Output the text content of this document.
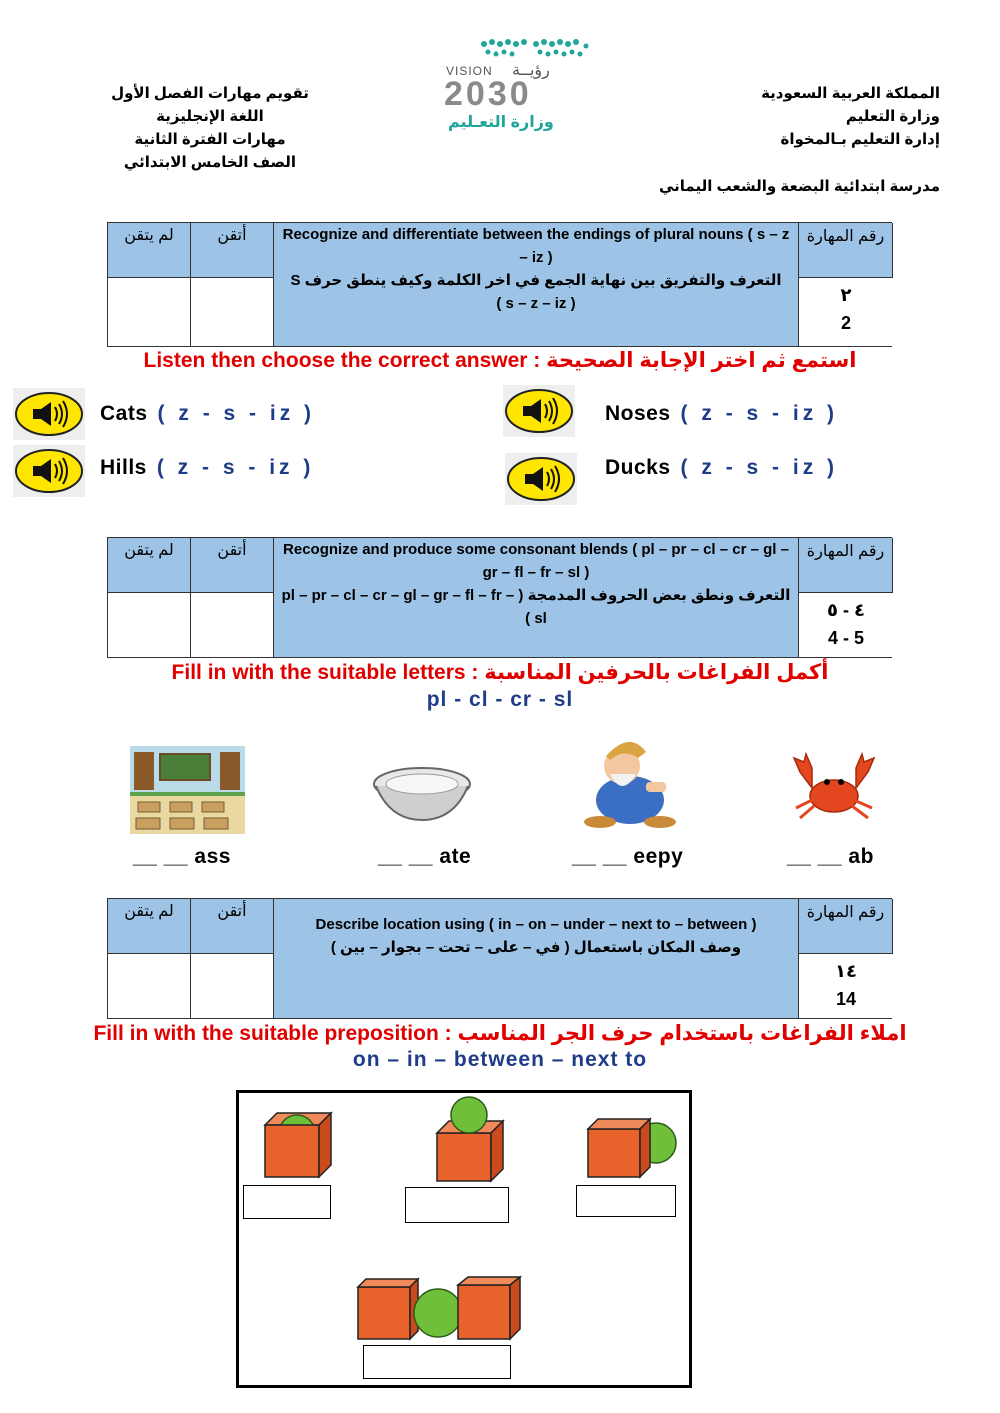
المملكة العربية السعودية
وزارة التعليم
إدارة التعليم بـالمخواة
مدرسة ابتدائية البضعة والشعب اليماني
تقويم مهارات الفصل الأول
اللغة الإنجليزية
مهارات الفترة الثانية
الصف الخامس الابتدائي
VISION رؤيــة
2030
وزارة التعـليم
لم يتقن	أتقن	Recognize and differentiate between the endings of plural nouns ( s – z – iz )
التعرف والتفريق بين نهاية الجمع في اخر الكلمة وكيف ينطق حرف S
( s – z – iz )
رقم المهارة
٢
2
Listen then choose the correct answer : استمع ثم اختر الإجابة الصحيحة
Cats ( z - s - iz )	Noses ( z - s - iz )
Hills ( z - s - iz )	Ducks ( z - s - iz )
لم يتقن	أتقن	Recognize and produce some consonant blends ( pl – pr – cl – cr – gl – gr – fl – fr – sl )
التعرف ونطق بعض الحروف المدمجة ( pl – pr – cl – cr – gl – gr – fl – fr – sl )
رقم المهارة
٤ - ٥
4 - 5
Fill in with the suitable letters : أكمل الفراغات بالحرفين المناسبة
pl - cl - cr - sl
__ __ ass	__ __ ate	__ __ eepy	__ __ ab
لم يتقن	أتقن
Describe location using ( in – on – under – next to – between )
وصف المكان باستعمال ( في – على – تحت – بجوار – بين )
رقم المهارة
١٤
14
Fill in with the suitable preposition : املاء الفراغات باستخدام حرف الجر المناسب
on – in – between – next to
